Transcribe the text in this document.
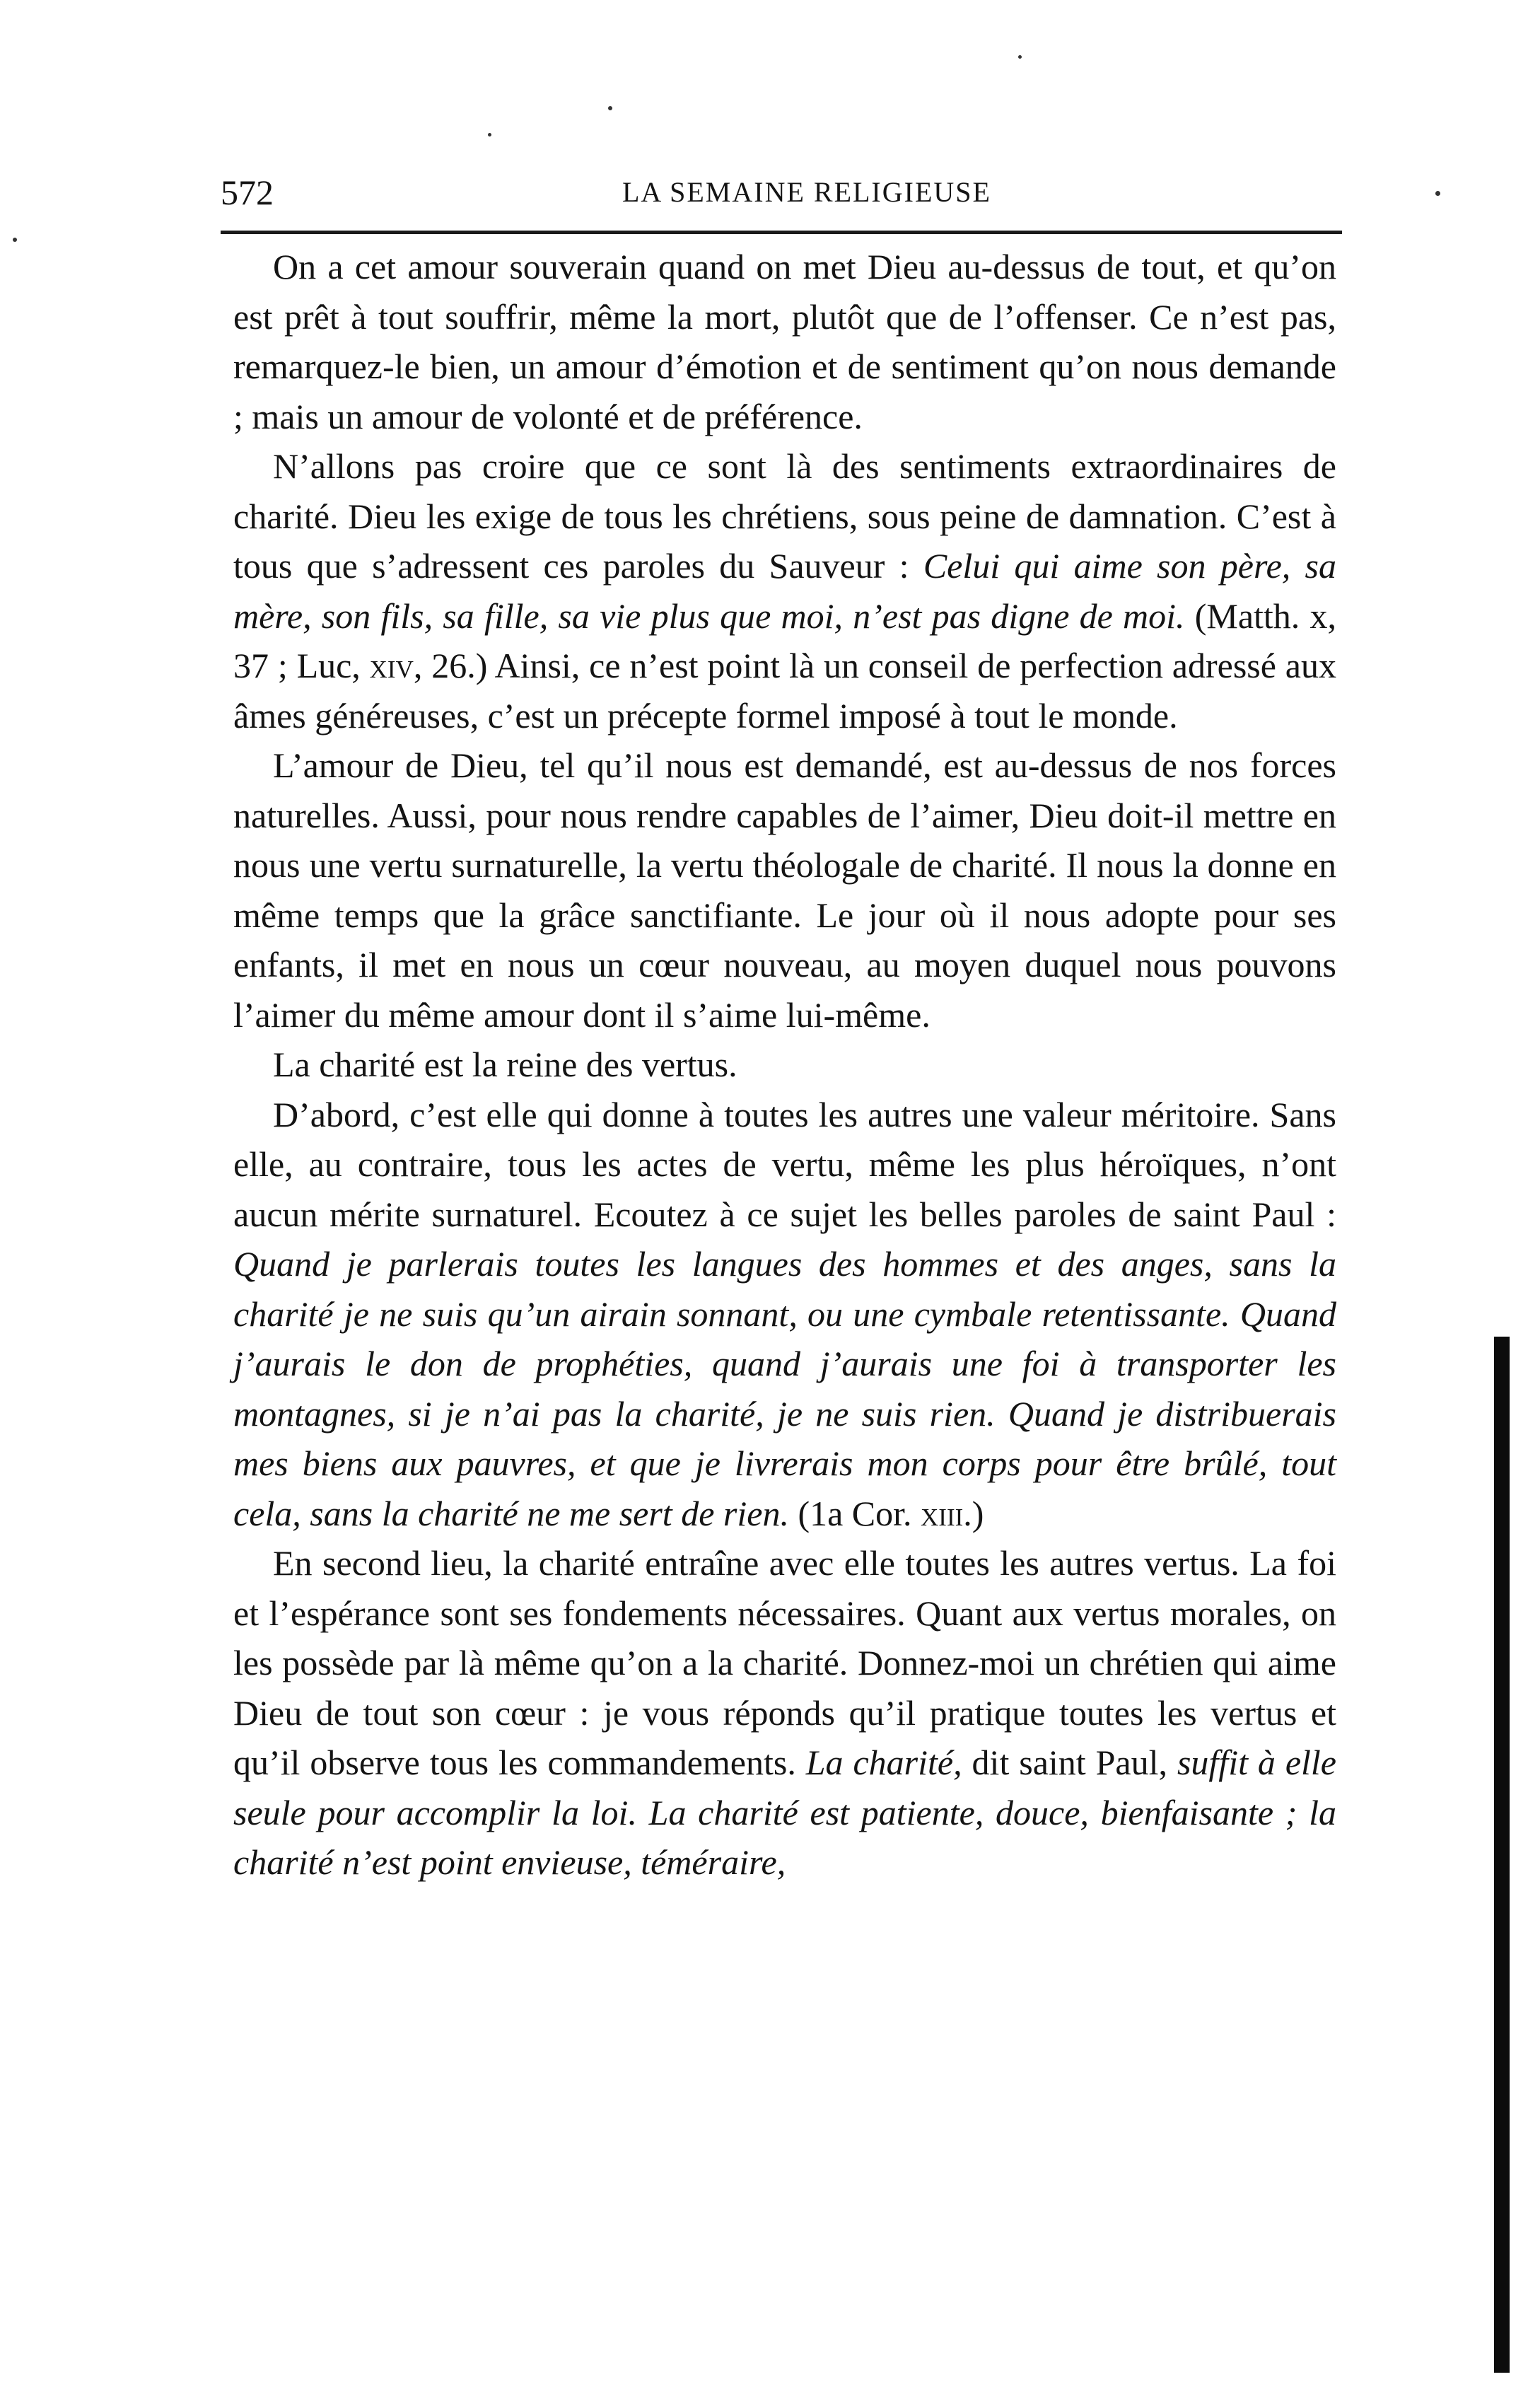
572	LA SEMAINE RELIGIEUSE

On a cet amour souverain quand on met Dieu au-dessus de tout, et qu’on est prêt à tout souffrir, même la mort, plutôt que de l’offenser. Ce n’est pas, remarquez-le bien, un amour d’émotion et de sentiment qu’on nous demande ; mais un amour de volonté et de préférence.

N’allons pas croire que ce sont là des sentiments extraordinaires de charité. Dieu les exige de tous les chrétiens, sous peine de damnation. C’est à tous que s’adressent ces paroles du Sauveur : Celui qui aime son père, sa mère, son fils, sa fille, sa vie plus que moi, n’est pas digne de moi. (Matth. x, 37 ; Luc, xiv, 26.) Ainsi, ce n’est point là un conseil de perfection adressé aux âmes généreuses, c’est un précepte formel imposé à tout le monde.

L’amour de Dieu, tel qu’il nous est demandé, est au-dessus de nos forces naturelles. Aussi, pour nous rendre capables de l’aimer, Dieu doit-il mettre en nous une vertu surnaturelle, la vertu théologale de charité. Il nous la donne en même temps que la grâce sanctifiante. Le jour où il nous adopte pour ses enfants, il met en nous un cœur nouveau, au moyen duquel nous pouvons l’aimer du même amour dont il s’aime lui-même.

La charité est la reine des vertus.

D’abord, c’est elle qui donne à toutes les autres une valeur méritoire. Sans elle, au contraire, tous les actes de vertu, même les plus héroïques, n’ont aucun mérite surnaturel. Ecoutez à ce sujet les belles paroles de saint Paul : Quand je parlerais toutes les langues des hommes et des anges, sans la charité je ne suis qu’un airain sonnant, ou une cymbale retentissante. Quand j’aurais le don de prophéties, quand j’aurais une foi à transporter les montagnes, si je n’ai pas la charité, je ne suis rien. Quand je distribuerais mes biens aux pauvres, et que je livrerais mon corps pour être brûlé, tout cela, sans la charité ne me sert de rien. (1a Cor. xiii.)

En second lieu, la charité entraîne avec elle toutes les autres vertus. La foi et l’espérance sont ses fondements nécessaires. Quant aux vertus morales, on les possède par là même qu’on a la charité. Donnez-moi un chrétien qui aime Dieu de tout son cœur : je vous réponds qu’il pratique toutes les vertus et qu’il observe tous les commandements. La charité, dit saint Paul, suffit à elle seule pour accomplir la loi. La charité est patiente, douce, bienfaisante ; la charité n’est point envieuse, téméraire,
